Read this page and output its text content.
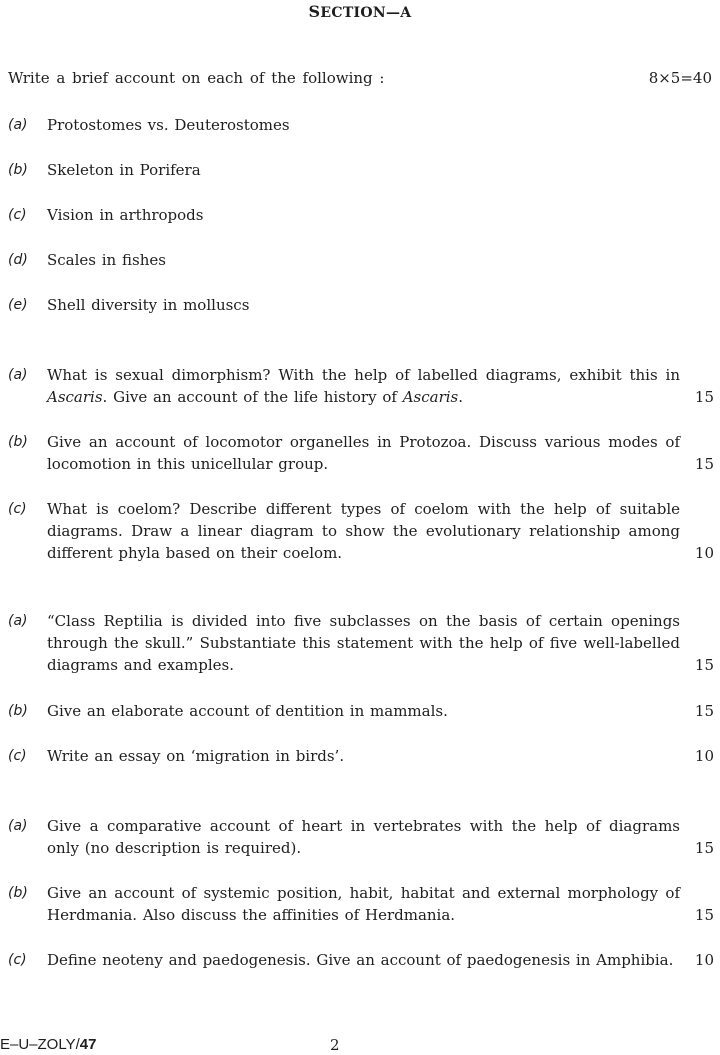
SECTION—A
Write a brief account on each of the following :	8×5=40
(a)	Protostomes vs. Deuterostomes
(b)	Skeleton in Porifera
(c)	Vision in arthropods
(d)	Scales in fishes
(e)	Shell diversity in molluscs
(a)	What is sexual dimorphism? With the help of labelled diagrams, exhibit this in Ascaris. Give an account of the life history of Ascaris.	15
(b)	Give an account of locomotor organelles in Protozoa. Discuss various modes of locomotion in this unicellular group.	15
(c)	What is coelom? Describe different types of coelom with the help of suitable diagrams. Draw a linear diagram to show the evolutionary relationship among different phyla based on their coelom.	10
(a)	“Class Reptilia is divided into five subclasses on the basis of certain openings through the skull.” Substantiate this statement with the help of five well-labelled diagrams and examples.	15
(b)	Give an elaborate account of dentition in mammals.	15
(c)	Write an essay on ‘migration in birds’.	10
(a)	Give a comparative account of heart in vertebrates with the help of diagrams only (no description is required).	15
(b)	Give an account of systemic position, habit, habitat and external morphology of Herdmania. Also discuss the affinities of Herdmania.	15
(c)	Define neoteny and paedogenesis. Give an account of paedogenesis in Amphibia.	10
E–U–ZOLY/47	2
